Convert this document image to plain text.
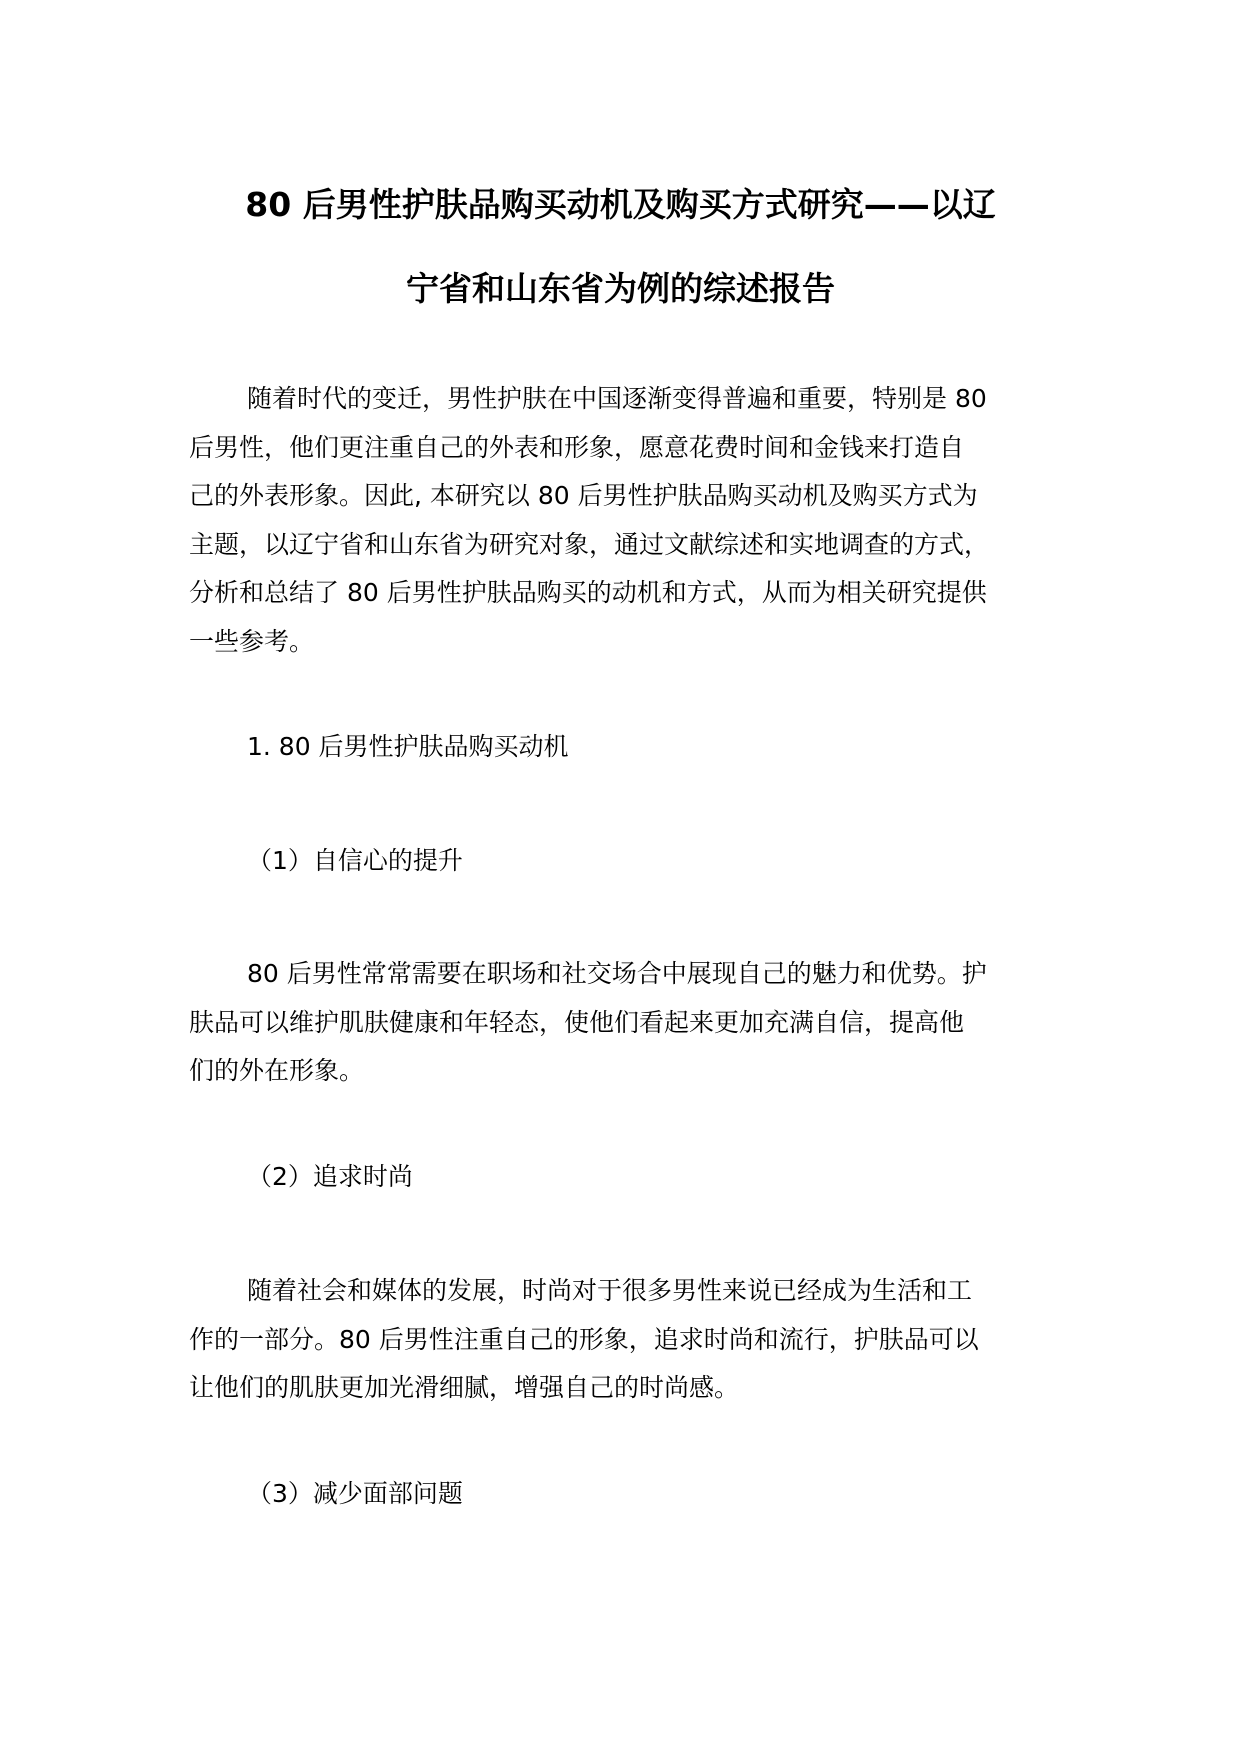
80 后男性护肤品购买动机及购买方式研究——以辽
宁省和山东省为例的综述报告
随着时代的变迁，男性护肤在中国逐渐变得普遍和重要，特别是 80
后男性，他们更注重自己的外表和形象，愿意花费时间和金钱来打造自
己的外表形象。因此, 本研究以 80 后男性护肤品购买动机及购买方式为
主题，以辽宁省和山东省为研究对象，通过文献综述和实地调查的方式，
分析和总结了 80 后男性护肤品购买的动机和方式，从而为相关研究提供
一些参考。
1. 80 后男性护肤品购买动机
（1）自信心的提升
80 后男性常常需要在职场和社交场合中展现自己的魅力和优势。护
肤品可以维护肌肤健康和年轻态，使他们看起来更加充满自信，提高他
们的外在形象。
（2）追求时尚
随着社会和媒体的发展，时尚对于很多男性来说已经成为生活和工
作的一部分。80 后男性注重自己的形象，追求时尚和流行，护肤品可以
让他们的肌肤更加光滑细腻，增强自己的时尚感。
（3）减少面部问题
